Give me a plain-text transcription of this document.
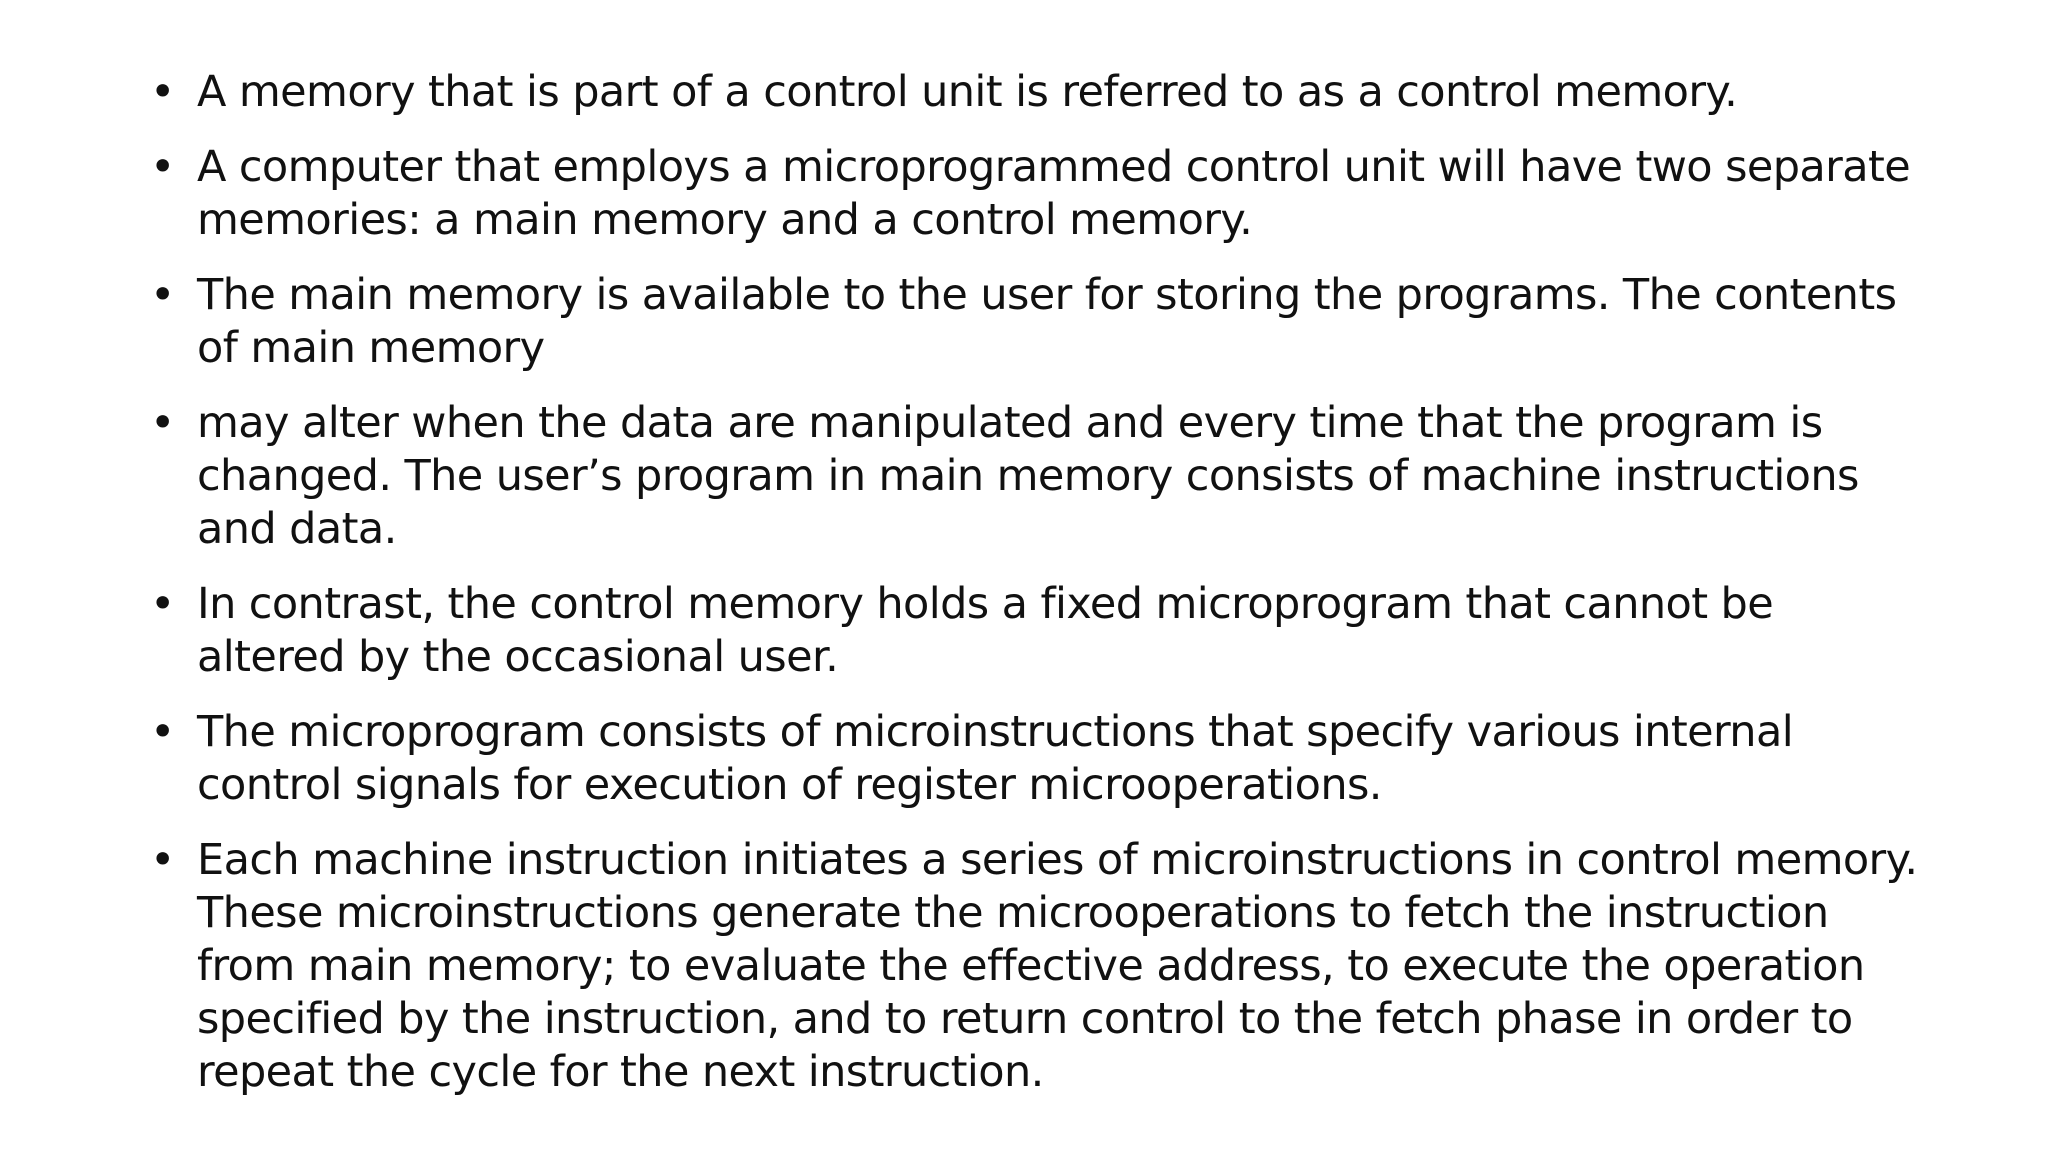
• A memory that is part of a control unit is referred to as a control memory.
• A computer that employs a microprogrammed control unit will have two separate memories: a main memory and a control memory.
• The main memory is available to the user for storing the programs. The contents of main memory
• may alter when the data are manipulated and every time that the program is changed. The user’s program in main memory consists of machine instructions and data.
• In contrast, the control memory holds a fixed microprogram that cannot be altered by the occasional user.
• The microprogram consists of microinstructions that specify various internal control signals for execution of register microoperations.
• Each machine instruction initiates a series of microinstructions in control memory. These microinstructions generate the microoperations to fetch the instruction from main memory; to evaluate the effective address, to execute the operation specified by the instruction, and to return control to the fetch phase in order to repeat the cycle for the next instruction.
